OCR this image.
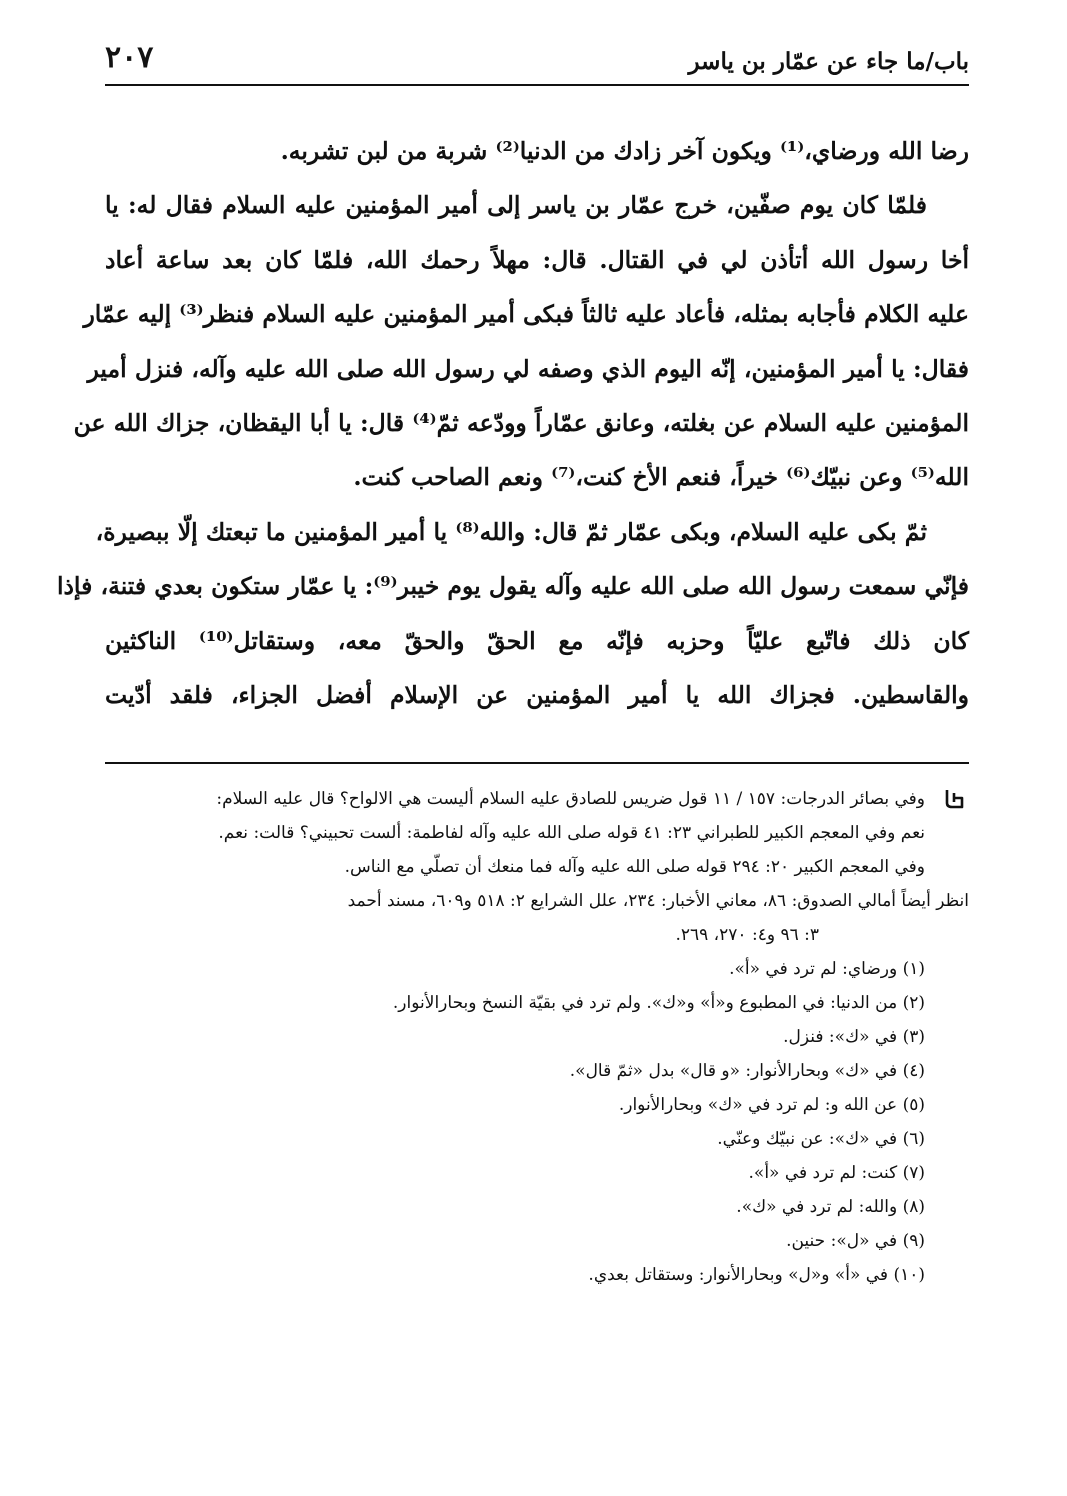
باب/ما جاء عن عمّار بن ياسر
٢٠٧
رضا الله ورضاي،⁽¹⁾ ويكون آخر زادك من الدنيا⁽²⁾ شربة من لبن تشربه.
فلمّا كان يوم صفّين، خرج عمّار بن ياسر إلى أمير المؤمنين عليه السلام فقال له: يا
أخا رسول الله أتأذن لي في القتال. قال: مهلاً رحمك الله، فلمّا كان بعد ساعة أعاد
عليه الكلام فأجابه بمثله، فأعاد عليه ثالثاً فبكى أمير المؤمنين عليه السلام فنظر⁽³⁾ إليه عمّار
فقال: يا أمير المؤمنين، إنّه اليوم الذي وصفه لي رسول الله صلى الله عليه وآله، فنزل أمير
المؤمنين عليه السلام عن بغلته، وعانق عمّاراً وودّعه ثمّ⁽⁴⁾ قال: يا أبا اليقظان، جزاك الله عن
الله⁽⁵⁾ وعن نبيّك⁽⁶⁾ خيراً، فنعم الأخ كنت،⁽⁷⁾ ونعم الصاحب كنت.
ثمّ بكى عليه السلام، وبكى عمّار ثمّ قال: والله⁽⁸⁾ يا أمير المؤمنين ما تبعتك إلّا ببصيرة،
فإنّي سمعت رسول الله صلى الله عليه وآله يقول يوم خيبر⁽⁹⁾: يا عمّار ستكون بعدي فتنة، فإذا
كان ذلك فاتّبع عليّاً وحزبه فإنّه مع الحقّ والحقّ معه، وستقاتل⁽¹⁰⁾ الناكثين
والقاسطين. فجزاك الله يا أمير المؤمنين عن الإسلام أفضل الجزاء، فلقد أدّيت
وفي بصائر الدرجات: ١٥٧ / ١١ قول ضريس للصادق عليه السلام أليست هي الالواح؟ قال عليه السلام:
نعم وفي المعجم الكبير للطبراني ٢٣: ٤١ قوله صلى الله عليه وآله لفاطمة: ألست تحبيني؟ قالت: نعم.
وفي المعجم الكبير ٢٠: ٢٩٤ قوله صلى الله عليه وآله فما منعك أن تصلّي مع الناس.
انظر أيضاً أمالي الصدوق: ٨٦، معاني الأخبار: ٢٣٤، علل الشرايع ٢: ٥١٨ و٦٠٩، مسند أحمد
٣: ٩٦ و٤: ٢٧٠، ٢٦٩.
(١) ورضاي: لم ترد في «أ».
(٢) من الدنيا: في المطبوع و«أ» و«ك». ولم ترد في بقيّة النسخ وبحارالأنوار.
(٣) في «ك»: فنزل.
(٤) في «ك» وبحارالأنوار: «و قال» بدل «ثمّ قال».
(٥) عن الله و: لم ترد في «ك» وبحارالأنوار.
(٦) في «ك»: عن نبيّك وعنّي.
(٧) كنت: لم ترد في «أ».
(٨) والله: لم ترد في «ك».
(٩) في «ل»: حنين.
(١٠) في «أ» و«ل» وبحارالأنوار: وستقاتل بعدي.
